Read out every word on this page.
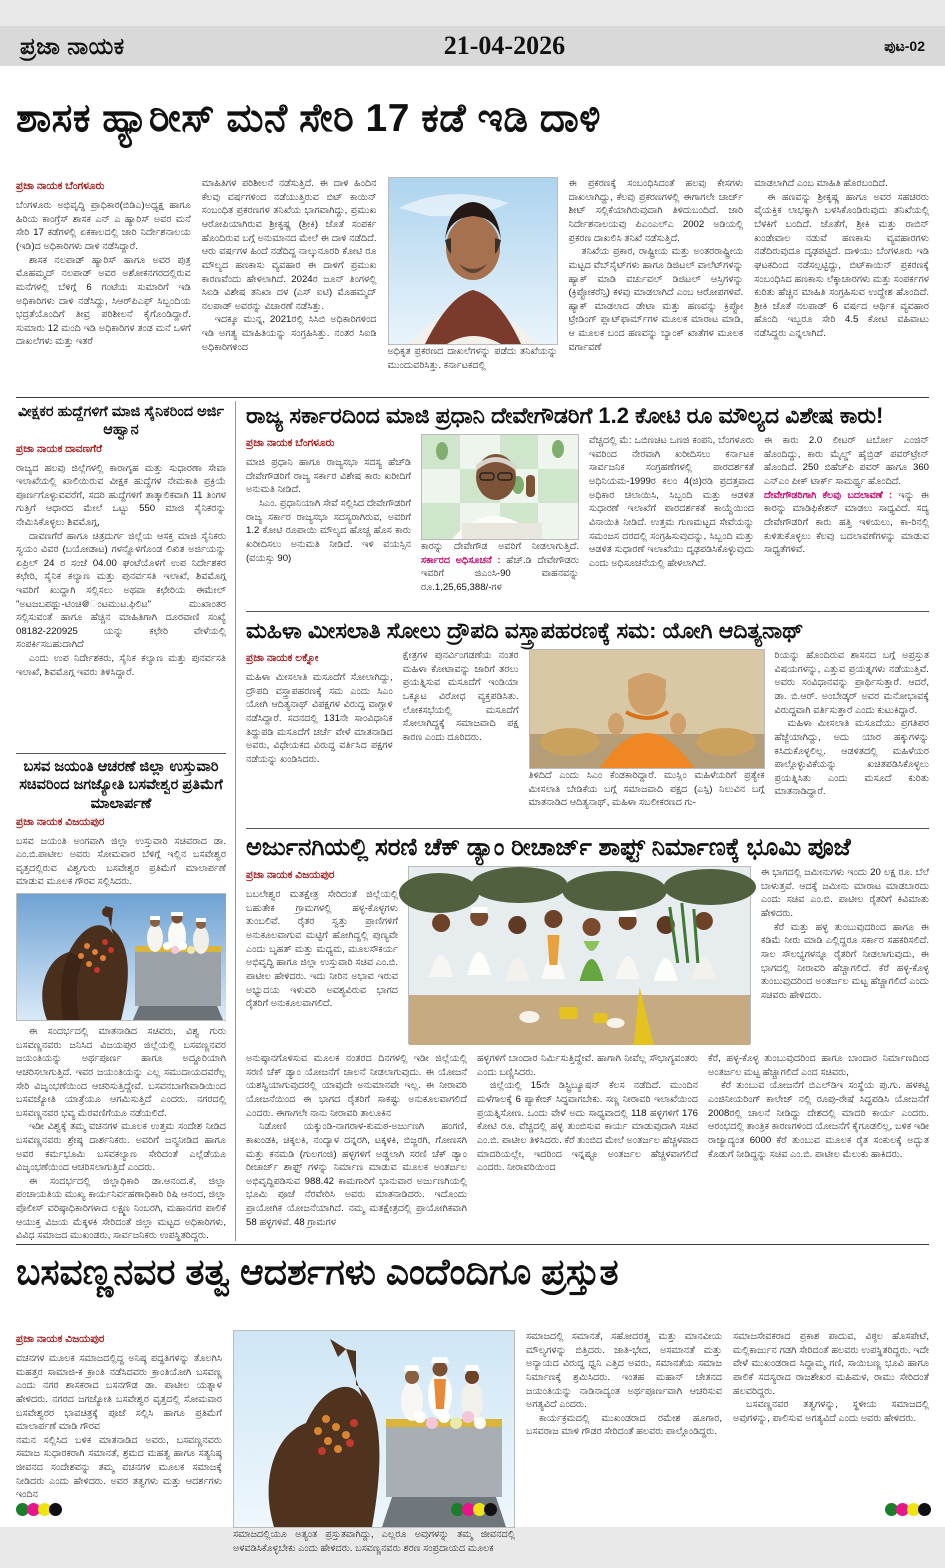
ಪ್ರಜಾ ನಾಯಕ	21-04-2026	ಪುಟ-02
ಶಾಸಕ ಹ್ಯಾರೀಸ್ ಮನೆ ಸೇರಿ 17 ಕಡೆ ಇಡಿ ದಾಳಿ
ಪ್ರಜಾ ನಾಯಕ ಬೆಂಗಳೂರು

ಬೆಂಗಳೂರು ಅಭಿವೃದ್ಧಿ ಪ್ರಾಧಿಕಾರ(ಬಿಡಿಎ)ಅಧ್ಯಕ್ಷ ಹಾಗೂ ಹಿರಿಯ ಕಾಂಗ್ರೆಸ್ ಶಾಸಕ ಎನ್ ಎ ಹ್ಯಾರಿಸ್ ಅವರ ಮನೆ ಸೇರಿ 17 ಕಡೆಗಳಲ್ಲಿ ಏಕಕಾಲದಲ್ಲಿ ಜಾರಿ ನಿರ್ದೇಶನಾಲಯ (ಇಡಿ)ದ ಅಧಿಕಾರಿಗಳು ದಾಳಿ ನಡೆಸಿದ್ದಾರೆ.

ಶಾಸಕ ನಲಪಾಡ್ ಹ್ಯಾರಿಸ್ ಹಾಗೂ ಅವರ ಪುತ್ರ ಮೊಹಮ್ಮದ್ ನಲಪಾಡ್ ಅವರ ಅಶೋಕನಗರದಲ್ಲಿರುವ ಮನೆಗಳಲ್ಲಿ ಬೆಳಿಗ್ಗೆ 6 ಗಂಟೆಯ ಸುಮಾರಿಗೆ ಇಡಿ ಅಧಿಕಾರಿಗಳು ದಾಳಿ ನಡೆಸಿದ್ದು, ಸಿಆರ್‌ಪಿಎಫ್ ಸಿಬ್ಬಂದಿಯ ಭದ್ರತೆಯೊಂದಿಗೆ ತೀವ್ರ ಪರಿಶೀಲನೆ ಕೈಗೊಂಡಿದ್ದಾರೆ. ಸುಮಾರು 12 ಮಂದಿ ಇಡಿ ಅಧಿಕಾರಿಗಳ ತಂಡ ಮನೆ ಒಳಗೆ ದಾಖಲೆಗಳು ಮತ್ತು ಇತರೆ

ಮಾಹಿತಿಗಳ ಪರಿಶೀಲನೆ ನಡೆಸುತ್ತಿದೆ. ಈ ದಾಳಿ ಹಿಂದಿನ ಕೆಲವು ವರ್ಷಗಳಿಂದ ನಡೆಯುತ್ತಿರುವ ಬಿಟ್ ಕಾಯಿನ್ ಸಂಬಂಧಿತ ಪ್ರಕರಣಗಳ ತನಿಖೆಯ ಭಾಗವಾಗಿದ್ದು, ಪ್ರಮುಖ ಆರೋಪಿಯಾಗಿರುವ ಶ್ರೀಕೃಷ್ಣ (ಶ್ರೀಕಿ) ಜೊತೆ ಸಂಪರ್ಕ ಹೊಂದಿರುವ ಬಗ್ಗೆ ಅನುಮಾನದ ಮೇಲೆ ಈ ದಾಳಿ ನಡೆದಿದೆ. ಆರು ವರ್ಷಗಳ ಹಿಂದೆ ನಡೆದಿದ್ದ ನಾಲ್ಕುನೂರರಿ ಕೋಟಿ ರೂ ಮೌಲ್ಯದ ಹಣಕಾಸು ವ್ಯವಹಾರ ಈ ದಾಳಿಗೆ ಪ್ರಮುಖ ಕಾರಣವೆಂದು ಹೇಳಲಾಗಿದೆ. 2024ರ ಜೂನ್ ತಿಂಗಳಲ್ಲಿ ಸಿಐಡಿ ವಿಶೇಷ ತನಿಖಾ ದಳ (ಎಸ್ ಐಟಿ) ಮೊಹಮ್ಮದ್ ನಲಪಾಡ್ ಅವರನ್ನು ವಿಚಾರಣೆ ನಡೆಸಿತ್ತು.

ಇದಕ್ಕೂ ಮುನ್ನ, 2021ರಲ್ಲಿ ಸಿಸಿಬಿ ಅಧಿಕಾರಿಗಳಿಂದ ಇಡಿ ಅಗತ್ಯ ಮಾಹಿತಿಯನ್ನು ಸಂಗ್ರಹಿಸಿತ್ತು. ನಂತರ ಸಿಐಡಿ ಅಧಿಕಾರಿಗಳಿಂದ	ಅಧಿಕೃತ ಪ್ರಕರಣದ ದಾಖಲೆಗಳನ್ನು ಪಡೆದು ತನಿಖೆಯನ್ನು ಮುಂದುವರಿಸಿತ್ತು. ಕರ್ನಾಟಕದಲ್ಲಿ

ಈ ಪ್ರಕರಣಕ್ಕೆ ಸಂಬಂಧಿಸಿದಂತೆ ಹಲವು ಕೇಸಗಳು ದಾಖಲಾಗಿದ್ದು, ಕೆಲವು ಪ್ರಕರಣಗಳಲ್ಲಿ ಈಗಾಗಲೇ ಚಾರ್ಜ್ ಶೀಟ್ ಸಲ್ಲಿಕೆಯಾಗಿರುವುದಾಗಿ ತಿಳಿದುಬಂದಿದೆ. ಜಾರಿ ನಿರ್ದೇಶನಾಲಯವು ಪಿಎಂಎಲ್ಎ 2002 ಅಡಿಯಲ್ಲಿ ಪ್ರಕರಣ ದಾಖಲಿಸಿ ತನಿಖೆ ನಡೆಸುತ್ತಿದೆ.

ತನಿಖೆಯ ಪ್ರಕಾರ, ರಾಷ್ಟ್ರೀಯ ಮತ್ತು ಅಂತರರಾಷ್ಟ್ರೀಯ ಮಟ್ಟದ ವೆಬ್‌ಸೈಟ್‌ಗಳು ಹಾಗೂ ಡಿಜಿಟಲ್ ವಾಲೆಟ್‌ಗಳನ್ನು ಹ್ಯಾಕ್ ಮಾಡಿ ವರ್ಚುವಲ್ ಡಿಜಿಟಲ್ ಆಸ್ತಿಗಳನ್ನು (ಕ್ರಿಪ್ಟೋಕರೆನ್ಸಿ) ಕಳವು ಮಾಡಲಾಗಿದೆ ಎಂಬ ಆರೋಪಗಳಿವೆ. ಹ್ಯಾಕ್ ಮಾಡಲಾದ ಡೇಟಾ ಮತ್ತು ಹಣವನ್ನು ಕ್ರಿಪ್ಟೋ ಟ್ರೇಡಿಂಗ್ ಪ್ಲಾಟ್‌ಫಾರ್ಮ್‌ಗಳ ಮೂಲಕ ಮಾರಾಟ ಮಾಡಿ, ಆ ಮೂಲಕ ಬಂದ ಹಣವನ್ನು ಬ್ಯಾಂಕ್ ಖಾತೆಗಳ ಮೂಲಕ ವರ್ಗಾವಣೆ

ಮಾಡಲಾಗಿದೆ ಎಂಬ ಮಾಹಿತಿ ಹೊರಬಂದಿದೆ.

ಈ ಹಣವನ್ನು ಶ್ರೀಕೃಷ್ಣ ಹಾಗೂ ಅವರ ಸಹಚರರು ವೈಯಕ್ತಿಕ ಲಾಭಕ್ಕಾಗಿ ಬಳಸಿಕೊಂಡಿರುವುದು ತನಿಖೆಯಲ್ಲಿ ಬೆಳಕಿಗೆ ಬಂದಿದೆ. ಜೊತೆಗೆ, ಶ್ರೀಕಿ ಮತ್ತು ರಾಬಿನ್ ಖಂಡೇವಾಲ ನಡುವೆ ಹಣಕಾಸು ವ್ಯವಹಾರಗಳು ನಡೆದಿರುವುದೂ ದೃಢಪಟ್ಟಿದೆ. ದಾಳಿಯು ಬೆಂಗಳೂರು ಇಡಿ ಘಟಕದಿಂದ ನಡೆಸಲ್ಪಟ್ಟಿದ್ದು, ಬಿಟ್‌ಕಾಯಿನ್ ಪ್ರಕರಣಕ್ಕೆ ಸಂಬಂಧಿಸಿದ ಹಣಕಾಸು ಲೆಕ್ಕಾಚಾರಗಳು ಮತ್ತು ಸಂಪರ್ಕಗಳ ಕುರಿತು ಹೆಚ್ಚಿನ ಮಾಹಿತಿ ಸಂಗ್ರಹಿಸುವ ಉದ್ದೇಶ ಹೊಂದಿದೆ. ಶ್ರೀಕಿ ಜೊತೆ ನಲಪಾಡ್ 6 ವರ್ಷದ ಆರ್ಥಿಕ ವ್ಯವಹಾರ ಹೊಂದಿ ಇಬ್ಬರೂ ಸೇರಿ 4.5 ಕೋಟಿ ವಹಿವಾಟು ನಡೆಸಿದ್ದರು ಎನ್ನಲಾಗಿದೆ.

ವೀಕ್ಷಕರ ಹುದ್ದೆಗಳಿಗೆ ಮಾಜಿ ಸೈನಿಕರಿಂದ ಅರ್ಜಿ ಆಹ್ವಾನ
ಪ್ರಜಾ ನಾಯಕ ದಾವಣಗೆರೆ

ರಾಜ್ಯದ ಹಲವು ಜಿಲ್ಲೆಗಳಲ್ಲಿ ಕಾರಾಗೃಹ ಮತ್ತು ಸುಧಾರಣಾ ಸೇವಾ ಇಲಾಖೆಯಲ್ಲಿ ಖಾಲಿಯಿರುವ ವೀಕ್ಷಕ ಹುದ್ದೆಗಳ ನೇಮಕಾತಿ ಪ್ರಕ್ರಿಯೆ ಪೂರ್ಣಗೊಳ್ಳುವವರೆಗೆ, ಸದರಿ ಹುದ್ದೆಗಳಿಗೆ ತಾತ್ಕಾಲಿಕವಾಗಿ 11 ತಿಂಗಳ ಗುತ್ತಿಗೆ ಆಧಾರದ ಮೇಲೆ ಒಟ್ಟು 550 ಮಾಜಿ ಸೈನಿಕರನ್ನು ನೇಮಿಸಿಕೊಳ್ಳಲು ಶಿವಮೊಗ್ಗ,

ದಾವಣಗೆರೆ ಹಾಗೂ ಚಿತ್ರದುರ್ಗ ಜಿಲ್ಲೆಯ ಆಸಕ್ತ ಮಾಜಿ ಸೈನಿಕರು ಸ್ವಯಂ ವಿವರ (ಬಯೋಡಾಟ) ಗಳನ್ನೊಳಗೊಂಡ ಲಿಖಿತ ಅರ್ಜಿಯನ್ನು ಏಪ್ರಿಲ್ 24 ರ ಸಂಜೆ 04.00 ಘಂಟೆಯೊಳಗೆ ಉಪ ನಿರ್ದೇಶಕರ ಕಛೇರಿ, ಸೈನಿಕ ಕಲ್ಯಾಣ ಮತ್ತು ಪುನರ್ವಸತಿ ಇಲಾಖೆ, ಶಿವಮೊಗ್ಗ ಇವರಿಗೆ ಖುದ್ದಾಗಿ ಸಲ್ಲಿಸಲು ಅಥವಾ ಕಛೇರಿಯ ಈಮೇಲ್ "ಅಟಜಬಪಥ್ಲು-ಟಿಂಚಿ@ಂಟಮುಟ.ಫಿಲಿಟ" ಮುಖಾಂತರ ಸಲ್ಲಿಸುವಂತೆ ಹಾಗೂ ಹೆಚ್ಚಿನ ಮಾಹಿತಿಗಾಗಿ ದೂರವಾಣಿ ಸಂಖ್ಯೆ 08182-220925 ಯನ್ನು ಕಛೇರಿ ವೇಳೆಯಲ್ಲಿ ಸಂಪರ್ಕಿಸಬಹುದಾಗಿದೆ

ಎಂದು ಉಪ ನಿರ್ದೇಶಕರು, ಸೈನಿಕ ಕಲ್ಯಾಣ ಮತ್ತು ಪುನರ್ವಸತಿ ಇಲಾಖೆ, ಶಿವಮೊಗ್ಗ ಇವರು ತಿಳಿಸಿದ್ದಾರೆ.

ಬಸವ ಜಯಂತಿ ಆಚರಣೆ ಜಿಲ್ಲಾ ಉಸ್ತುವಾರಿ ಸಚಿವರಿಂದ ಜಗಜ್ಯೋತಿ ಬಸವೇಶ್ವರ ಪ್ರತಿಮೆಗೆ ಮಾಲಾರ್ಪಣೆ
ಪ್ರಜಾ ನಾಯಕ ವಿಜಯಪುರ

ಬಸವ ಜಯಂತಿ ಅಂಗವಾಗಿ ಜಿಲ್ಲಾ ಉಸ್ತುವಾರಿ ಸಚಿವರಾದ ಡಾ. ಎಂ.ಬಿ.ಪಾಟೀಲ ಅವರು ಸೋಮವಾರ ಬೆಳಿಗ್ಗೆ ಇಲ್ಲಿನ ಬಸವೇಶ್ವರ ವೃತ್ತದಲ್ಲಿರುವ ವಿಶ್ವಗುರು ಬಸವೇಶ್ವರ ಪ್ರತಿಮೆಗೆ ಮಾಲಾರ್ಪಣೆ ಮಾಡುವ ಮೂಲಕ ಗೌರವ ಸಲ್ಲಿಸಿದರು.

ಈ ಸಂದರ್ಭದಲ್ಲಿ ಮಾತನಾಡಿದ ಸಚಿವರು, ವಿಶ್ವ ಗುರು ಬಸವಣ್ಣನವರು ಜನಿಸಿದ ವಿಜಯಪುರ ಜಿಲ್ಲೆಯಲ್ಲಿ ಬಸವಣ್ಣನವರ ಜಯಂತಿಯನ್ನು ಅರ್ಥಪೂರ್ಣ ಹಾಗೂ ಅದ್ದೂರಿಯಾಗಿ ಆಚರಿಸಲಾಗುತ್ತಿದೆ. ಇವರ ಜಯಂತಿಯನ್ನು ಎಲ್ಲ ಸಮುದಾಯದವರೆಲ್ಲ ಸೇರಿ ವಿಜೃಂಭಣೆಯಿಂದ ಆಚರಿಸುತ್ತಿದ್ದೇವೆ. ಬಸವನಬಾಗೇವಾಡಿಯಿಂದ ಬಸವಜ್ಯೋತಿ ಯಾತ್ರೆಯೂ ಆಗಮಿಸುತ್ತಿದೆ ಎಂದರು. ನಗರದಲ್ಲಿ ಬಸವಣ್ಣನವರ ಭವ್ಯ ಮೆರವಣಿಗೆಯೂ ನಡೆಯಲಿದೆ.

ಇಡೀ ವಿಶ್ವಕ್ಕೆ ತಮ್ಮ ವಚನಗಳ ಮೂಲಕ ಉತ್ತಮ ಸಂದೇಶ ನೀಡಿದ ಬಸವಣ್ಣನವರು ಶ್ರೇಷ್ಠ ದಾರ್ಶನಿಕರು. ಅವರಿಗೆ ಜನ್ಮನೀಡಿದ ಹಾಗೂ ಅವರ ಕರ್ಮಭೂಮಿ ಬಸವಕಲ್ಯಾಣ ಸೇರಿದಂತೆ ಎಲ್ಲೆಡೆಯೂ ವಿಜೃಂಭಣೆಯಿಂದ ಆಚರಿಸಲಾಗುತ್ತಿದೆ ಎಂದರು.

ಈ ಸಂದರ್ಭದಲ್ಲಿ ಜಿಲ್ಲಾಧಿಕಾರಿ ಡಾ.ಆನಂದ.ಕೆ, ಜಿಲ್ಲಾ ಪಂಚಾಯತಿಯ ಮುಖ್ಯ ಕಾರ್ಯನಿರ್ವಹಣಾಧಿಕಾರಿ ರಿಷಿ ಆನಂದ, ಜಿಲ್ಲಾ ಪೊಲೀಸ್ ವರಿಷ್ಠಾಧಿಕಾರಿಗಳಾದ ಲಕ್ಷ್ಮಣ ನಿಂಬರಗಿ, ಮಹಾನಗರ ಪಾಲಿಕೆ ಆಯುಕ್ತ ವಿಜಯ ಮೆಕ್ಕಳಕಿ ಸೇರಿದಂತೆ ಜಿಲ್ಲಾ ಮಟ್ಟದ ಅಧಿಕಾರಿಗಳು, ವಿವಿಧ ಸಮಾಜದ ಮುಖಂಡರು, ಸಾರ್ವಜನಿಕರು ಉಪಸ್ಥಿತರಿದ್ದರು.

ರಾಜ್ಯ ಸರ್ಕಾರದಿಂದ ಮಾಜಿ ಪ್ರಧಾನಿ ದೇವೇಗೌಡರಿಗೆ 1.2 ಕೋಟಿ ರೂ ಮೌಲ್ಯದ ವಿಶೇಷ ಕಾರು!
ಪ್ರಜಾ ನಾಯಕ ಬೆಂಗಳೂರು

ಮಾಜಿ ಪ್ರಧಾನಿ ಹಾಗೂ ರಾಜ್ಯಸಭಾ ಸದಸ್ಯ ಹೆಚ್‌ಡಿ ದೇವೇಗೌಡರಿಗೆ ರಾಜ್ಯ ಸರ್ಕಾರ ವಿಶೇಷ ಕಾರು ಖರೀದಿಗೆ ಅನುಮತಿ ನೀಡಿದೆ.

ಸಿಎಂ. ಪ್ರಧಾನಿಯಾಗಿ ಸೇವೆ ಸಲ್ಲಿಸಿದ ದೇವೇಗೌಡರಿಗೆ ರಾಜ್ಯ ಸರ್ಕಾರ ರಾಜ್ಯಸಭಾ ಸದಸ್ಯರಾಗಿರುವ, ಅವರಿಗೆ 1.2 ಕೋಟಿ ರೂಪಾಯಿ ಮೌಲ್ಯದ ಹೊಚ್ಚ ಹೊಸ ಕಾರು ಖರೀದಿಸಲು ಅನುಮತಿ ನೀಡಿದೆ. ಇಳಿ ವಯಸ್ಸಿನ (ವಯಸ್ಸು 90)

ಕಾರನ್ನು ದೇವೇಗೌಡ ಅವರಿಗೆ ನೀಡಲಾಗುತ್ತಿದೆ. ಸರ್ಕಾರದ ಅಧಿಸೂಚನೆ : ಹೆಚ್.ಡಿ ದೇವೇಗೌಡರು ಇವರಿಗೆ ಜಿಎಂಸಿ-90 ವಾಹನವನ್ನು ರೂ.1,25,65,388/-ಗಳ

ವೆಚ್ಚದಲ್ಲಿ ಮೆ: ಒಬಿಣಚಿಟ ಒಣಜಿ ಕಂಪನಿ, ಬೆಂಗಳೂರು ಇವರಿಂದ ನೇರವಾಗಿ ಖರೀದಿಸಲು ಕರ್ನಾಟಕ ಸಾರ್ವಜನಿಕ ಸಂಗ್ರಹಣೆಗಳಲ್ಲಿ ಪಾರದರ್ಶಕತೆ ಅಧಿನಿಯಮ-1999ರ ಕಲಂ 4(ಜಿ)ರಡಿ ಪ್ರದತ್ತವಾದ ಅಧಿಕಾರ ಚಲಾಯಿಸಿ, ಸಿಬ್ಬಂದಿ ಮತ್ತು ಆಡಳಿತ ಸುಧಾರಣೆ ಇಲಾಖೆಗೆ ಪಾರದರ್ಶಕತೆ ಕಾಯ್ದೆಯಿಂದ ವಿನಾಯಿತಿ ನೀಡಿದೆ. ಉತ್ತಮ ಗುಣಮಟ್ಟದ ಸೇವೆಯನ್ನು ಸಮಂಜಸ ದರದಲ್ಲಿ ಸಂಗ್ರಹಿಸುವುದನ್ನು, ಸಿಬ್ಬಂದಿ ಮತ್ತು ಆಡಳಿತ ಸುಧಾರಣೆ ಇಲಾಖೆಯು ದೃಢಪಡಿಸಿಕೊಳ್ಳುವುದು ಎಂದು ಅಧಿಸೂಚನೆಯಲ್ಲಿ ಹೇಳಲಾಗಿದೆ.

ಈ ಕಾರು 2.0 ಲೀಟರ್ ಟರ್ಬೋ ಎಂಜಿನ್ ಹೊಂದಿದ್ದು, ಕಾರು ಮೈಲ್ಡ್ ಹೈಬ್ರಿಡ್ ಪವರ್‌ಟ್ರೇನ್ ಹೊಂದಿದೆ. 250 ಬಿಹೆಚ್‌ಪಿ ಪವರ್ ಹಾಗೂ 360 ಎನ್ಎಂ ಪೀಕ್ ಟಾರ್ಕ್ ಸಾಮರ್ಥ್ಯ ಹೊಂದಿದೆ.

ದೇವೇಗೌಡರಿಗಾಗಿ ಕೆಲವು ಬದಲಾವಣೆ : ಇನ್ನು ಈ ಕಾರನ್ನು ಮಾಡಿಫಿಕೇಶನ್ ಮಾಡಲು ಸಾಧ್ಯವಿದೆ. ಸದ್ಯ ದೇವೇಗೌಡರಿಗೆ ಕಾರು ಹತ್ತಿ ಇಳಿಯಲು, ಕಾ-ರಿನಲ್ಲಿ ಕುಳಿತುಕೊಳ್ಳಲು ಕೆಲವು ಬದಲಾವಣೆಗಳನ್ನು ಮಾಡುವ ಸಾಧ್ಯತೆಗಳಿವೆ.

ಮಹಿಳಾ ಮೀಸಲಾತಿ ಸೋಲು ದ್ರೌಪದಿ ವಸ್ತ್ರಾಪಹರಣಕ್ಕೆ ಸಮ: ಯೋಗಿ ಆದಿತ್ಯನಾಥ್
ಪ್ರಜಾ ನಾಯಕ ಲಕ್ನೋ

ಮಹಿಳಾ ಮೀಸಲಾತಿ ಮಸೂದೆಗೆ ಸೋಲಾಗಿದ್ದು, ದ್ರೌಪದಿ ವಸ್ತ್ರಾಪಹರಣಕ್ಕೆ ಸಮ ಎಂದು ಸಿಎಂ ಯೋಗಿ ಆದಿತ್ಯನಾಥ್ ವಿಪಕ್ಷಗಳ ವಿರುದ್ಧ ವಾಗ್ದಾಳಿ ನಡೆಸಿದ್ದಾರೆ. ಸದನದಲ್ಲಿ 131ನೇ ಸಾಂವಿಧಾನಿಕ ತಿದ್ದುಪಡಿ ಮಸೂದೆಗೆ ಚರ್ಚೆ ವೇಳೆ ಮಾತನಾಡಿದ ಅವರು, ವಿಧೇಯಕದ ವಿರುದ್ಧ ವರ್ತಿಸಿದ ಪಕ್ಷಗಳ ನಡೆಯನ್ನು ಖಂಡಿಸಿದರು.

ಕ್ಷೇತ್ರಗಳ ಪುನರ್ವಿಂಗಡಣೆಯ ನಂತರ ಮಹಿಳಾ ಕೋಟಾವನ್ನು ಜಾರಿಗೆ ತರಲು ಪ್ರಯತ್ನಿಸುವ ಮಸೂದೆಗೆ ಇಂಡಿಯಾ ಒಕ್ಕೂಟ ವಿರೋಧ ವ್ಯಕ್ತಪಡಿಸಿತು. ಲೋಕಸಭೆಯಲ್ಲಿ ಮಸೂದೆಗೆ ಸೋಲಾಗಿದ್ದಕ್ಕೆ ಸಮಾಜವಾದಿ ಪಕ್ಷ ಕಾರಣ ಎಂದು ದೂರಿದರು.

ತಿಳಿದಿದೆ ಎಂದು ಸಿಎಂ ಕೆಂಡಕಾರಿದ್ದಾರೆ. ಮುಸ್ಲಿಂ ಮಹಿಳೆಯರಿಗೆ ಪ್ರತ್ಯೇಕ ಮೀಸಲಾತಿ ಬೇಡಿಕೆಯ ಬಗ್ಗೆ ಸಮಾಜವಾದಿ ಪಕ್ಷದ (ಎಸ್ಪಿ) ನಿಲುವಿನ ಬಗ್ಗೆ ಮಾತನಾಡಿದ ಆದಿತ್ಯನಾಥ್, ಮಹಿಳಾ ಸಬಲೀಕರಣದ ಗು-

ರಿಯನ್ನು ಹೊಂದಿರುವ ಶಾಸನದ ಬಗ್ಗೆ ಅಪ್ರಸ್ತುತ ವಿಷಯಗಳನ್ನು, ಎತ್ತುವ ಪ್ರಯತ್ನಗಳು ನಡೆಯುತ್ತಿವೆ. ಅವರು ಸಂವಿಧಾನವನ್ನು ಪ್ರಾರ್ಥಿಸುತ್ತಾರೆ. ಆದರೆ, ಡಾ. ಬಿ.ಆರ್. ಅಂಬೇಡ್ಕರ್ ಅವರ ಮನೋಭಾವಕ್ಕೆ ವಿರುದ್ಧವಾಗಿ ವರ್ತಿಸುತ್ತಾರೆ ಎಂದು ಕುಟುಕಿದ್ದಾರೆ.

ಮಹಿಳಾ ಮೀಸಲಾತಿ ಮಸೂದೆಯು ಪ್ರಗತಿಪರ ಹೆಜ್ಜೆಯಾಗಿದ್ದು, ಅದು ಯಾರ ಹಕ್ಕುಗಳನ್ನು ಕಸಿದುಕೊಳ್ಳಲಿಲ್ಲ. ಆಡಳಿತದಲ್ಲಿ ಮಹಿಳೆಯರ ಪಾಲ್ಗೊಳ್ಳುವಿಕೆಯನ್ನು ಖಚಿತಪಡಿಸಿಕೊಳ್ಳಲು ಪ್ರಯತ್ನಿಸಿತು ಎಂದು ಮಸೂದೆ ಕುರಿತು ಮಾತನಾಡಿದ್ದಾರೆ.

ಅರ್ಜುನಗಿಯಲ್ಲಿ ಸರಣಿ ಚೆಕ್ ಡ್ಯಾಂ ರೀಚಾರ್ಜ್ ಶಾಫ್ಟ್ ನಿರ್ಮಾಣಕ್ಕೆ ಭೂಮಿ ಪೂಜೆ
ಪ್ರಜಾ ನಾಯಕ ವಿಜಯಪುರ

ಬಬಲೇಶ್ವರ ಮತಕ್ಷೇತ್ರ ಸೇರಿದಂತೆ ಜಿಲ್ಲೆಯಲ್ಲಿ ಬಹುತೇಕ ಗ್ರಾಮಗಳಲ್ಲಿ ಹಳ್ಳ-ಕೊಳ್ಳಗಳು ತುಂಬಲಿವೆ. ರೈತರ ಸ್ವತ್ತು ಪ್ರಾಣಿಗಳಿಗೆ ಅನುಕೂಲವಾಗುವ ಮಟ್ಟಿಗೆ ಹೋಗಿದ್ದಲ್ಲಿ ಪುಣ್ಯವೇ ಎಂದು ಬೃಹತ್ ಮತ್ತು ಮಧ್ಯಮ, ಮೂಲಸೌಕರ್ಯ ಅಭಿವೃದ್ಧಿ ಹಾಗೂ ಜಿಲ್ಲಾ ಉಸ್ತುವಾರಿ ಸಚಿವ ಎಂ.ಬಿ. ಪಾಟೀಲ ಹೇಳಿದರು. ಇದು ನೀರಿನ ಅಭಾವ ಇರುವ ಅಭ್ಯುದಯ ಇಳುವರಿ ಅವಶ್ಯವಿರುವ ಭಾಗದ ರೈತರಿಗೆ ಅನುಕೂಲವಾಗಲಿದೆ.

ಈ ಭಾಗದಲ್ಲಿ ಜಮೀನುಗಳು ಇಂದು 20 ಲಕ್ಷ ರೂ. ಬೆಲೆ ಬಾಳುತ್ತವೆ. ಆದಕ್ಕೆ ಜಮೀನು ಮಾರಾಟ ಮಾಡಬಾರದು ಎಂದು ಸಚಿವ ಎಂ.ಬಿ. ಪಾಟೀಲ ರೈತರಿಗೆ ಕಿವಿಮಾತು ಹೇಳಿದರು.

ಕೆರೆ ಮತ್ತು ಹಳ್ಳ ತುಂಬುವುದರಿಂದ ಹಾಗೂ ಈ ಕಡಿಮೆ ನೀರು ಮಾಡಿ ಎಲ್ಲಿದ್ದರೂ ಸರ್ಕಾರ ಸಹಕರಿಸಲಿದೆ. ಸಾಲ ಸೌಲಭ್ಯಗಳನ್ನೂ ರೈತರಿಗೆ ನೀಡಲಾಗುವುದು, ಈ ಭಾಗದಲ್ಲಿ ನೀರಾವರಿ ಹೆಚ್ಚಾಗಲಿದೆ. ಕೆರೆ ಹಳ್ಳ-ಕೊಳ್ಳ ತುಂಬುವುದರಿಂದ ಅಂತರ್ಜಲ ಮಟ್ಟ ಹೆಚ್ಚಾಗಲಿದೆ ಎಂದು ಸಚಿವರು ಹೇಳಿದರು.

ಅನುಷ್ಠಾನಗೊಳಿಸುವ ಮೂಲಕ ನಂತರದ ದಿನಗಳಲ್ಲಿ ಇಡೀ ಜಿಲ್ಲೆಯಲ್ಲಿ ಸರಣಿ ಚೆಕ್ ಡ್ಯಾಂ ಯೋಜನೆಗೆ ಚಾಲನೆ ನೀಡಲಾಗುವುದು. ಈ ಯೋಜನೆ ಯಶಸ್ವಿಯಾಗುವುದರಲ್ಲಿ ಯಾವುದೇ ಅನುಮಾನವೇ ಇಲ್ಲ. ಈ ನೀರಾವರಿ ಯೋಜನೆಯಿಂದ ಈ ಭಾಗದ ರೈತರಿಗೆ ಸಾಕಷ್ಟು ಅನುಕೂಲವಾಗಲಿದೆ ಎಂದರು. ಈಗಾಗಲೇ ನಾನು ನೀರಾವರಿ ತಾಲೂಕಿನ

ನಿಡೋಣಿ ಯಕ್ಕುಂಡಿ-ನಾಗರಾಳ-ಕುಮಠ-ಅರ್ಜುಣಗಿ ಹಂಗಣಿ, ಕಾಖಂಡಕಿ, ಚಿಕ್ಕಲಕಿ, ನಂದ್ಯಾಳ ದನ್ನರಗಿ, ಟಕ್ಕಳಕಿ, ಬಿಜ್ಜರಗಿ, ಗೋಣಸಗಿ ಮತ್ತು ಕನಮಡಿ (ಗುಲಗಂಜಿ) ಹಳ್ಳಗಳಿಗೆ ಅಡ್ಡಲಾಗಿ ಸರಣಿ ಚೆಕ್ ಡ್ಯಾಂ ರೀಚಾರ್ಜ್ ಶಾಫ್ಟ್ ಗಳನ್ನು ನಿರ್ಮಾಣ ಮಾಡುವ ಮೂಲಕ ಅಂತರ್ಜಲ ಅಭಿವೃದ್ಧಿಪಡಿಸುವ 988.42 ಕಾಮಗಾರಿಗೆ ಭಾನುವಾರ ಅರ್ಜುಣಗಿಯಲ್ಲಿ ಭೂಮಿ ಪೂಜೆ ನೆರವೇರಿಸಿ ಅವರು ಮಾತನಾಡಿದರು. ಇದೊಂದು ಪ್ರಾಯೋಗಿಕ ಯೋಜನೆಯಾಗಿದೆ. ನಮ್ಮ ಮತಕ್ಷೇತ್ರದಲ್ಲಿ ಪ್ರಾಯೋಗಿಕವಾಗಿ 58 ಹಳ್ಳಗಳಿವೆ. 48 ಗ್ರಾಮಗಳ

ಹಳ್ಳಗಳಿಗೆ ಬಾಂದಾರ ನಿರ್ಮಿಸುತ್ತಿದ್ದೇವೆ. ಹಾಗಾಗಿ ನೀವೆಲ್ಲ ಸೌಭಾಗ್ಯವಂತರು ಎಂದು ಬಣ್ಣಿಸಿದರು.

ಜಿಲ್ಲೆಯಲ್ಲಿ 15ನೇ ಡಿಸ್ಟ್ರಿಬ್ಯೂಷನ್ ಕೆಲಸ ನಡೆದಿದೆ. ಮುಂದಿನ ಮಳೆಗಾಲಕ್ಕೆ 6 ಪ್ಯಾಕೇಜ್ ಸಿದ್ಧವಾಗಬೇಕು. ಸಣ್ಣ ನೀರಾವರಿ ಇಲಾಖೆಯಿಂದ ಪ್ರಯತ್ನಿಸೋಣ. ಒಂದು ವೇಳೆ ಅದು ಸಾಧ್ಯವಾದಲ್ಲಿ 118 ಹಳ್ಳಗಳಿಗೆ 176 ಕೋಟಿ ರೂ. ವೆಚ್ಚದಲ್ಲಿ ಹಳ್ಳ ತುಂಬಿಸುವ ಕಾರ್ಯ ಮಾಡುವುದಾಗಿ ಸಚಿವ ಎಂ.ಬಿ. ಪಾಟೀಲ ತಿಳಿಸಿದರು. ಕೆರೆ ತುಂಬಿದ ಮೇಲೆ ಅಂತರ್ಜಲ ಹೆಚ್ಚಳವಾದ ಮಾದರಿಯಲ್ಲೇ, ಇದರಿಂದ ಇನ್ನಷ್ಟೂ ಅಂತರ್ಜಲ ಹೆಚ್ಚಳವಾಗಲಿದೆ ಎಂದರು. ನೀರಾವರಿಯಿಂದ

ಕೆರೆ, ಹಳ್ಳ-ಕೊಳ್ಳ ತುಂಬುವುದರಿಂದ ಹಾಗೂ ಬಾಂದಾರ ನಿರ್ಮಾಣದಿಂದ ಅಂತರ್ಜಲ ಮಟ್ಟ ಹೆಚ್ಚಾಗಲಿದೆ ಎಂದ ಸಚಿವರು,

ಕೆರೆ ತುಂಬುವ ಯೋಜನೆಗೆ ಬಿಎಲ್‌ಡಿಇ ಸಂಸ್ಥೆಯ ಪು.ಗು. ಹಳಕಟ್ಟಿ ಎಂಜಿನೀಯರಿಂಗ್ ಕಾಲೇಜ್ ನಲ್ಲಿ ರೂಪು-ರೇಷೆ ಸಿದ್ಧಪಡಿಸಿ ಯೋಜನೆಗೆ 2008ರಲ್ಲಿ ಚಾಲನೆ ನೀಡಿದ್ದು ದೇಶದಲ್ಲಿ ಮಾದರಿ ಕಾರ್ಯ ಎಂದರು. ಆರಂಭದಲ್ಲಿ ತಾಂತ್ರಿಕ ಕಾರಣಗಳಿಂದ ಯೋಜನೆಗೆ ಕೈಗೂಡಲಿಲ್ಲ, ಬಳಿಕ ಇಡೀ ರಾಜ್ಯಾದ್ಯಂತ 6000 ಕೆರೆ ತುಂಬುವ ಮೂಲಕ ರೈತ ಸಂಕುಲಕ್ಕೆ ಅದ್ಭುತ ಕೊಡುಗೆ ನೀಡಿದ್ದನ್ನು ಸಚಿವ ಎಂ.ಬಿ. ಪಾಟೀಲ ಮೆಲುಕು ಹಾಕಿದರು.

ಬಸವಣ್ಣನವರ ತತ್ವ ಆದರ್ಶಗಳು ಎಂದೆಂದಿಗೂ ಪ್ರಸ್ತುತ
ಪ್ರಜಾ ನಾಯಕ ವಿಜಯಪುರ

ವಚನಗಳ ಮೂಲಕ ಸಮಾಜದಲ್ಲಿದ್ದ ಅನಿಷ್ಠ ಪದ್ಧತಿಗಳನ್ನು ತೊಲಗಿಸಿ ಮಹತ್ತರ ಸಾಮಾಜಿ-ಕ ಕ್ರಾಂತಿ ನಡೆಸಿದವರು ಕ್ರಾಂತಿಯೋಗಿ ಬಸವಣ್ಣ ಎಂದು ನಗರ ಶಾಸಕರಾದ ಬಸನಗೌಡ ಡಾ. ಪಾಟೀಲ ಯತ್ನಾಳ ಹೇಳಿದರು. ನಗರದ ಜಗಜ್ಯೋತಿ ಬಸವೇಶ್ವರ ವೃತ್ತದಲ್ಲಿ ಸೋಮವಾರ ಬಸವೇಶ್ವರರ ಭಾವಚಿತ್ರಕ್ಕೆ ಪೂಜೆ ಸಲ್ಲಿಸಿ ಹಾಗೂ ಪ್ರತಿಮೆಗೆ ಮಾಲಾರ್ಪಣೆ ಮಾಡಿ ಗೌರವ

ನಮನ ಸಲ್ಲಿಸಿದ ಬಳಿಕ ಮಾತನಾಡಿದ ಅವರು, ಬಸವಣ್ಣನವರು ಸಮಾಜ ಸುಧಾರಕರಾಗಿ ಸಮಾನತೆ, ಶ್ರಮದ ಮಹತ್ವ ಹಾಗೂ ಸತ್ಯನಿಷ್ಠ ಜೀವನದ ಸಂದೇಶವನ್ನು ತಮ್ಮ ವಚನಗಳ ಮೂಲಕ ಸಮಾಜಕ್ಕೆ ನೀಡಿದರು ಎಂದು ಹೇಳಿದರು. ಅವರ ತತ್ವಗಳು ಮತ್ತು ಆದರ್ಶಗಳು ಇಂದಿನ

ಸಮಾಜದಲ್ಲಿಯೂ ಅತ್ಯಂತ ಪ್ರಸ್ತುತವಾಗಿದ್ದು, ಎಲ್ಲರೂ ಅವುಗಳನ್ನು ತಮ್ಮ ಜೀವನದಲ್ಲಿ ಅಳವಡಿಸಿಕೊಳ್ಳಬೇಕು ಎಂದು ಹೇಳಿದರು. ಬಸವಣ್ಣನವರು ಶರಣ ಸಂಪ್ರದಾಯದ ಮೂಲಕ

ಸಮಾಜದಲ್ಲಿ ಸಮಾನತೆ, ಸಹೋದರತ್ವ ಮತ್ತು ಮಾನವೀಯ ಮೌಲ್ಯಗಳನ್ನು ಬಿತ್ತಿದರು. ಜಾತಿ-ಭೇದ, ಅಸಮಾನತೆ ಮತ್ತು ಅನ್ಯಾಯದ ವಿರುದ್ಧ ಧ್ವನಿ ಎತ್ತಿದ ಅವರು, ಸಮಾನತೆಯ ಸಮಾಜ ನಿರ್ಮಾಣಕ್ಕೆ ಶ್ರಮಿಸಿದರು. ಇಂತಹ ಮಹಾನ್ ಚೇತನದ ಜಯಂತಿಯನ್ನು ನಾಡಿನಾದ್ಯಂತ ಅರ್ಥಪೂರ್ಣವಾಗಿ ಆಚರಿಸುವ ಅಗತ್ಯವಿದೆ ಎಂದರು.

ಕಾರ್ಯಕ್ರಮದಲ್ಲಿ ಮುಖಂಡರಾದ ರಮೇಶ ಹೂಗಾರ, ಬಸವರಾಜ ಮಾಳಿ ಗೌಡರ ಸೇರಿದಂತೆ ಹಲವರು ಪಾಲ್ಗೊಂಡಿದ್ದರು.

ಸಮಾಜಸೇವಕರಾದ ಪ್ರಕಾಶ ಪಾದುವ, ವಿಠ್ಠಲ ಹೊಸಪೇಟೆ, ಮಲ್ಲಿಕಾರ್ಜುನ ಗಡಗಿ ಸೇರಿದಂತೆ ಹಲವರು ಉಪಸ್ಥಿತರಿದ್ದರು. ಇದೇ ವೇಳೆ ಮುಖಂಡರಾದ ಸಿದ್ದಾಮ್ಮ ಗಣಿ, ಸಾಯಿಬಣ್ಣ ಭೂವಿ ಹಾಗೂ ಪಾಲಿಕೆ ಸದಸ್ಯರಾದ ರಾಜಶೇಖರ ಮಹಿಮಳ, ರಾಮು ಸೇರಿದಂತೆ ಹಲವರಿದ್ದರು.

ಬಸವಣ್ಣನವರ ತತ್ವಗಳನ್ನು, ಸ್ಥಳೀಯ ಸಮಾಜದಲ್ಲಿ ಅವುಗಳನ್ನು, ಪಾಲಿಸುವ ಅಗತ್ಯವಿದೆ ಎಂದು ಅವರು ಹೇಳಿದರು.
